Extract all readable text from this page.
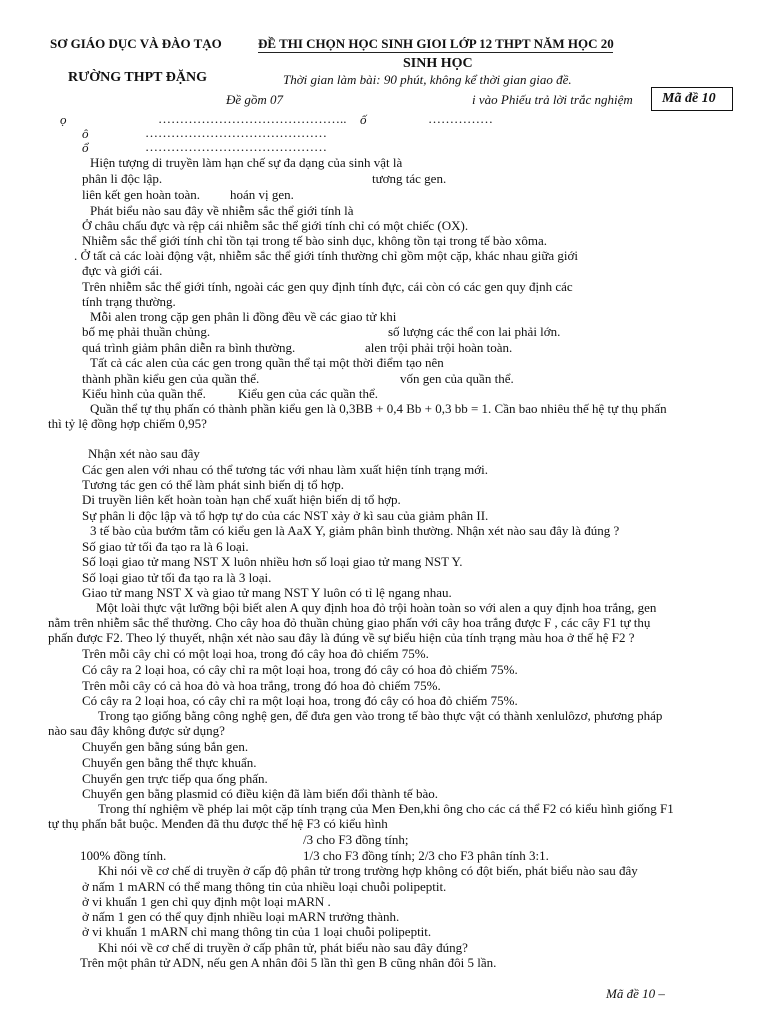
SƠ GIÁO DỤC VÀ ĐÀO TẠO	ĐỀ THI CHỌN HỌC SINH GIOI LỚP 12 THPT NĂM HỌC 20
RƯỜNG THPT ĐẶNG
SINH HỌC
Thời gian làm bài: 90 phút, không kể thời gian giao đề.
Đề gồm 07	i vào Phiếu trả lời trắc nghiệm Mã đề 10
ọ	…………………………………….. ố	……………
ô	……………………………………
ổ	……………………………………
Hiện tượng di truyền làm hạn chế sự đa dạng của sinh vật là
phân li độc lập.	tương tác gen.
liên kết gen hoàn toàn. hoán vị gen.
Phát biểu nào sau đây về nhiễm sắc thể giới tính là
Ở châu chấu đực và rệp cái nhiễm sắc thể giới tính chỉ có một chiếc (OX).
Nhiễm sắc thể giới tính chỉ tồn tại trong tế bào sinh dục, không tồn tại trong tế bào xôma.
. Ở tất cả các loài động vật, nhiễm sắc thể giới tính thường chỉ gồm một cặp, khác nhau giữa giới
đực và giới cái.
Trên nhiễm sắc thể giới tính, ngoài các gen quy định tính đực, cái còn có các gen quy định các
tính trạng thường.
Mỗi alen trong cặp gen phân li đồng đều về các giao tử khi
bố mẹ phải thuần chủng.	số lượng các thể con lai phải lớn.
quá trình giảm phân diễn ra bình thường.	alen trội phải trội hoàn toàn.
Tất cả các alen của các gen trong quần thể tại một thời điểm tạo nên
thành phần kiểu gen của quần thể.	vốn gen của quần thể.
Kiểu hình của quần thể. Kiểu gen của các quần thể.
Quần thể tự thụ phấn có thành phần kiểu gen là 0,3BB + 0,4 Bb + 0,3 bb = 1. Cần bao nhiêu thế hệ tự thụ phấn
thì tỷ lệ đồng hợp chiếm 0,95?
Nhận xét nào sau đây
Các gen alen với nhau có thể tương tác với nhau làm xuất hiện tính trạng mới.
Tương tác gen có thể làm phát sinh biến dị tổ hợp.
Di truyền liên kết hoàn toàn hạn chế xuất hiện biến dị tổ hợp.
Sự phân li độc lập và tổ hợp tự do của các NST xảy ở kì sau của giảm phân II.
3 tế bào của bướm tằm có kiểu gen là AaX Y, giảm phân bình thường. Nhận xét nào sau đây là đúng ?
Số giao tử tối đa tạo ra là 6 loại.
Số loại giao tử mang NST X luôn nhiều hơn số loại giao tử mang NST Y.
Số loại giao tử tối đa tạo ra là 3 loại.
Giao tử mang NST X và giao tử mang NST Y luôn có tỉ lệ ngang nhau.
Một loài thực vật lưỡng bội biết alen A quy định hoa đỏ trội hoàn toàn so với alen a quy định hoa trắng, gen
nằm trên nhiễm sắc thể thường. Cho cây hoa đỏ thuần chủng giao phấn với cây hoa trắng được F , các cây F1 tự thụ
phấn được F2. Theo lý thuyết, nhận xét nào sau đây là đúng về sự biểu hiện của tính trạng màu hoa ở thế hệ F2 ?
Trên mỗi cây chỉ có một loại hoa, trong đó cây hoa đỏ chiếm 75%.
Có cây ra 2 loại hoa, có cây chỉ ra một loại hoa, trong đó cây có hoa đỏ chiếm 75%.
Trên mỗi cây có cả hoa đỏ và hoa trắng, trong đó hoa đỏ chiếm 75%.
Có cây ra 2 loại hoa, có cây chỉ ra một loại hoa, trong đó cây có hoa đỏ chiếm 75%.
Trong tạo giống bằng công nghệ gen, để đưa gen vào trong tế bào thực vật có thành xenlulôzơ, phương pháp
nào sau đây không được sử dụng?
Chuyển gen bằng súng bắn gen.
Chuyển gen bằng thể thực khuẩn.
Chuyển gen trực tiếp qua ống phấn.
Chuyển gen bằng plasmid có điều kiện đã làm biến đổi thành tế bào.
Trong thí nghiệm về phép lai một cặp tính trạng của Men Đen,khi ông cho các cá thể F2 có kiểu hình giống F1
tự thụ phấn bắt buộc. Menđen đã thu được thế hệ F3 có kiểu hình
/3 cho F3 đồng tính;
100% đồng tính.	1/3 cho F3 đồng tính; 2/3 cho F3 phân tính 3:1.
Khi nói về cơ chế di truyền ở cấp độ phân tử trong trường hợp không có đột biến, phát biểu nào sau đây
ở nấm 1 mARN có thể mang thông tin của nhiều loại chuỗi polipeptit.
ở vi khuẩn 1 gen chỉ quy định một loại mARN .
ở nấm 1 gen có thể quy định nhiều loại mARN trưởng thành.
ở vi khuẩn 1 mARN chỉ mang thông tin của 1 loại chuỗi polipeptit.
Khi nói về cơ chế di truyền ở cấp phân tử, phát biểu nào sau đây đúng?
Trên một phân tử ADN, nếu gen A nhân đôi 5 lần thì gen B cũng nhân đôi 5 lần.
Mã đề 10 –
